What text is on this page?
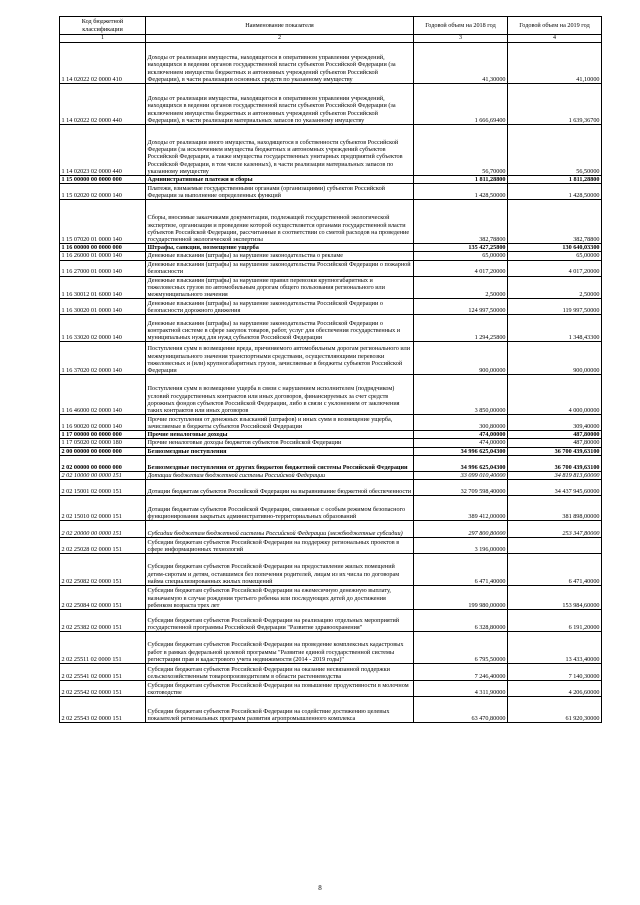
Код бюджетной классификации	Наименование показателя	Годовой объем на 2018 год	Годовой объем на 2019 год
1	2	3	4
1 14 02022 02 0000 410	Доходы от реализации имущества, находящегося в оперативном управлении учреждений, находящихся в ведении органов государственной власти субъектов Российской Федерации (за исключением имущества бюджетных и автономных учреждений субъектов Российской Федерации), в части реализации основных средств по указанному имуществу	41,30000	41,10000
1 14 02022 02 0000 440	Доходы от реализации имущества, находящегося в оперативном управлении учреждений, находящихся в ведении органов государственной власти субъектов Российской Федерации (за исключением имущества бюджетных и автономных учреждений субъектов Российской Федерации), в части реализации материальных запасов по указанному имуществу	1 666,69400	1 639,36700
1 14 02023 02 0000 440	Доходы от реализации иного имущества, находящегося в собственности субъектов Российской Федерации (за исключением имущества бюджетных и автономных учреждений субъектов Российской Федерации, а также имущества государственных унитарных предприятий субъектов Российской Федерации, в том числе казенных), в части реализации материальных запасов по указанному имуществу	56,70000	56,50000
1 15 00000 00 0000 000	Административные платежи и сборы	1 811,28800	1 811,28800
1 15 02020 02 0000 140	Платежи, взимаемые государственными органами (организациями) субъектов Российской Федерации за выполнение определенных функций	1 428,50000	1 428,50000
1 15 07020 01 0000 140	Сборы, вносимые заказчиками документации, подлежащей государственной экологической экспертизе, организация и проведение которой осуществляется органами государственной власти субъектов Российской Федерации, рассчитанные в соответствии со сметой расходов на проведение государственной экологической экспертизы	382,78800	382,78800
1 16 00000 00 0000 000	Штрафы, санкции, возмещение ущерба	135 427,25800	130 640,03300
1 16 26000 01 0000 140	Денежные взыскания (штрафы) за нарушение законодательства о рекламе	65,00000	65,00000
1 16 27000 01 0000 140	Денежные взыскания (штрафы) за нарушение законодательства Российской Федерации о пожарной безопасности	4 017,20000	4 017,20000
1 16 30012 01 6000 140	Денежные взыскания (штрафы) за нарушение правил перевозки крупногабаритных и тяжеловесных грузов по автомобильным дорогам общего пользования регионального или межмуниципального значения	2,50000	2,50000
1 16 30020 01 0000 140	Денежные взыскания (штрафы) за нарушение законодательства Российской Федерации о безопасности дорожного движения	124 997,50000	119 997,50000
1 16 33020 02 0000 140	Денежные взыскания (штрафы) за нарушение законодательства Российской Федерации о контрактной системе в сфере закупок товаров, работ, услуг для обеспечения государственных и муниципальных нужд для нужд субъектов Российской Федерации	1 294,25800	1 348,43300
1 16 37020 02 0000 140	Поступления сумм в возмещение вреда, причиняемого автомобильным дорогам регионального или межмуниципального значения транспортными средствами, осуществляющими перевозки тяжеловесных и (или) крупногабаритных грузов, зачисляемые в бюджеты субъектов Российской Федерации	900,00000	900,00000
1 16 46000 02 0000 140	Поступления сумм в возмещение ущерба в связи с нарушением исполнителем (подрядчиком) условий государственных контрактов или иных договоров, финансируемых за счет средств дорожных фондов субъектов Российской Федерации, либо в связи с уклонением от заключения таких контрактов или иных договоров	3 850,00000	4 000,00000
1 16 90020 02 0000 140	Прочие поступления от денежных взысканий (штрафов) и иных сумм в возмещение ущерба, зачисляемые в бюджеты субъектов Российской Федерации	300,80000	309,40000
1 17 00000 00 0000 000	Прочие неналоговые доходы	474,00000	487,80000
1 17 05020 02 0000 180	Прочие неналоговые доходы бюджетов субъектов Российской Федерации	474,00000	487,80000
2 00 00000 00 0000 000	Безвозмездные поступления	34 996 625,04300	36 700 439,63100
2 02 00000 00 0000 000	Безвозмездные поступления от других бюджетов бюджетной системы Российской Федерации	34 996 625,04300	36 700 439,63100
2 02 10000 00 0000 151	Дотации бюджетам бюджетной системы Российской Федерации	33 099 010,40000	34 819 813,60000
2 02 15001 02 0000 151	Дотации бюджетам субъектов Российской Федерации на выравнивание бюджетной обеспеченности	32 709 598,40000	34 437 945,60000
2 02 15010 02 0000 151	Дотации бюджетам субъектов Российской Федерации, связанные с особым режимом безопасного функционирования закрытых административно-территориальных образований	389 412,00000	381 898,00000
2 02 20000 00 0000 151	Субсидии бюджетам бюджетной системы Российской Федерации (межбюджетные субсидии)	297 800,80000	253 347,80000
2 02 25028 02 0000 151	Субсидии бюджетам субъектов Российской Федерации на поддержку региональных проектов в сфере информационных технологий	3 196,00000	
2 02 25082 02 0000 151	Субсидии бюджетам субъектов Российской Федерации на предоставление жилых помещений детям-сиротам и детям, оставшимся без попечения родителей, лицам из их числа по договорам найма специализированных жилых помещений	6 471,40000	6 471,40000
2 02 25084 02 0000 151	Субсидии бюджетам субъектов Российской Федерации на ежемесячную денежную выплату, назначаемую в случае рождения третьего ребенка или последующих детей до достижения ребенком возраста трех лет	199 980,00000	153 984,60000
2 02 25382 02 0000 151	Субсидии бюджетам субъектов Российской Федерации на реализацию отдельных мероприятий государственной программы Российской Федерации "Развитие здравоохранения"	6 328,80000	6 191,20000
2 02 25511 02 0000 151	Субсидии бюджетам субъектов Российской Федерации на проведение комплексных кадастровых работ в рамках федеральной целевой программы "Развитие единой государственной системы регистрации прав и кадастрового учета недвижимости (2014 - 2019 годы)"	6 795,50000	13 433,40000
2 02 25541 02 0000 151	Субсидии бюджетам субъектов Российской Федерации на оказание несвязанной поддержки сельскохозяйственным товаропроизводителям в области растениеводства	7 246,40000	7 140,30000
2 02 25542 02 0000 151	Субсидии бюджетам субъектов Российской Федерации на повышение продуктивности в молочном скотоводстве	4 311,90000	4 206,60000
2 02 25543 02 0000 151	Субсидии бюджетам субъектов Российской Федерации на содействие достижению целевых показателей региональных программ развития агропромышленного комплекса	63 470,80000	61 920,30000
8
